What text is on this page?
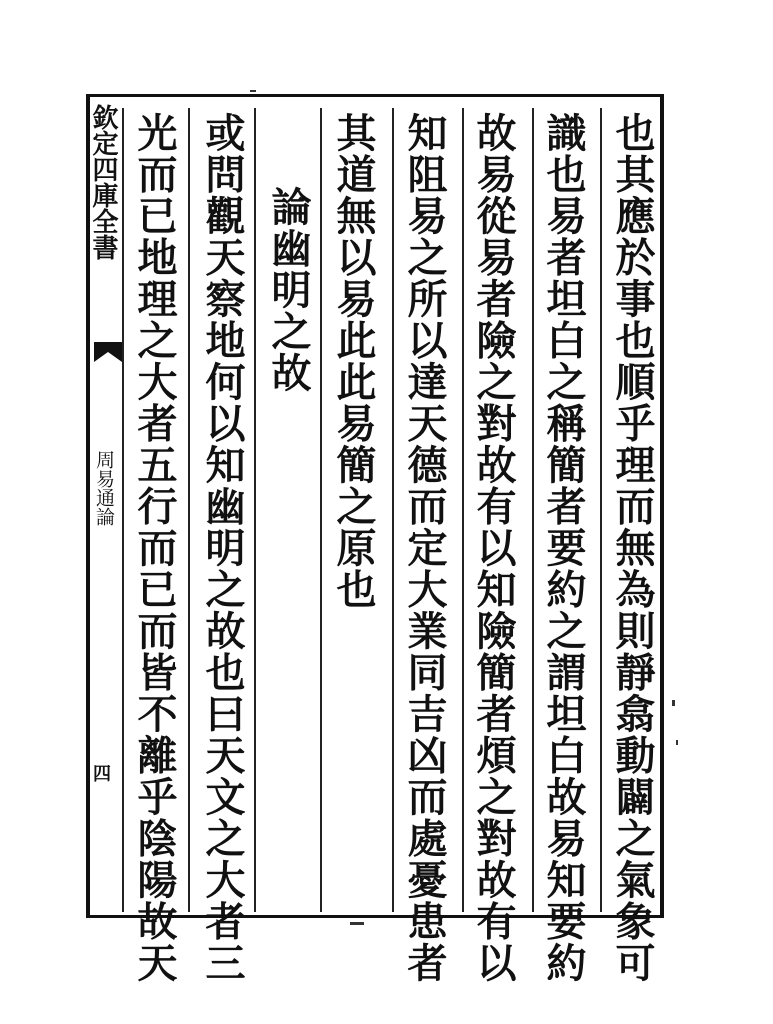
欽定四庫全書
周易通論
四	也其應於事也順乎理而無為則靜翕動闢之氣象可
識也易者坦白之稱簡者要約之謂坦白故易知要約
故易從易者險之對故有以知險簡者煩之對故有以
知阻易之所以達天德而定大業同吉凶而處憂患者
其道無以易此此易簡之原也
論幽明之故
或問觀天察地何以知幽明之故也曰天文之大者三
光而已地理之大者五行而已而皆不離乎陰陽故天
